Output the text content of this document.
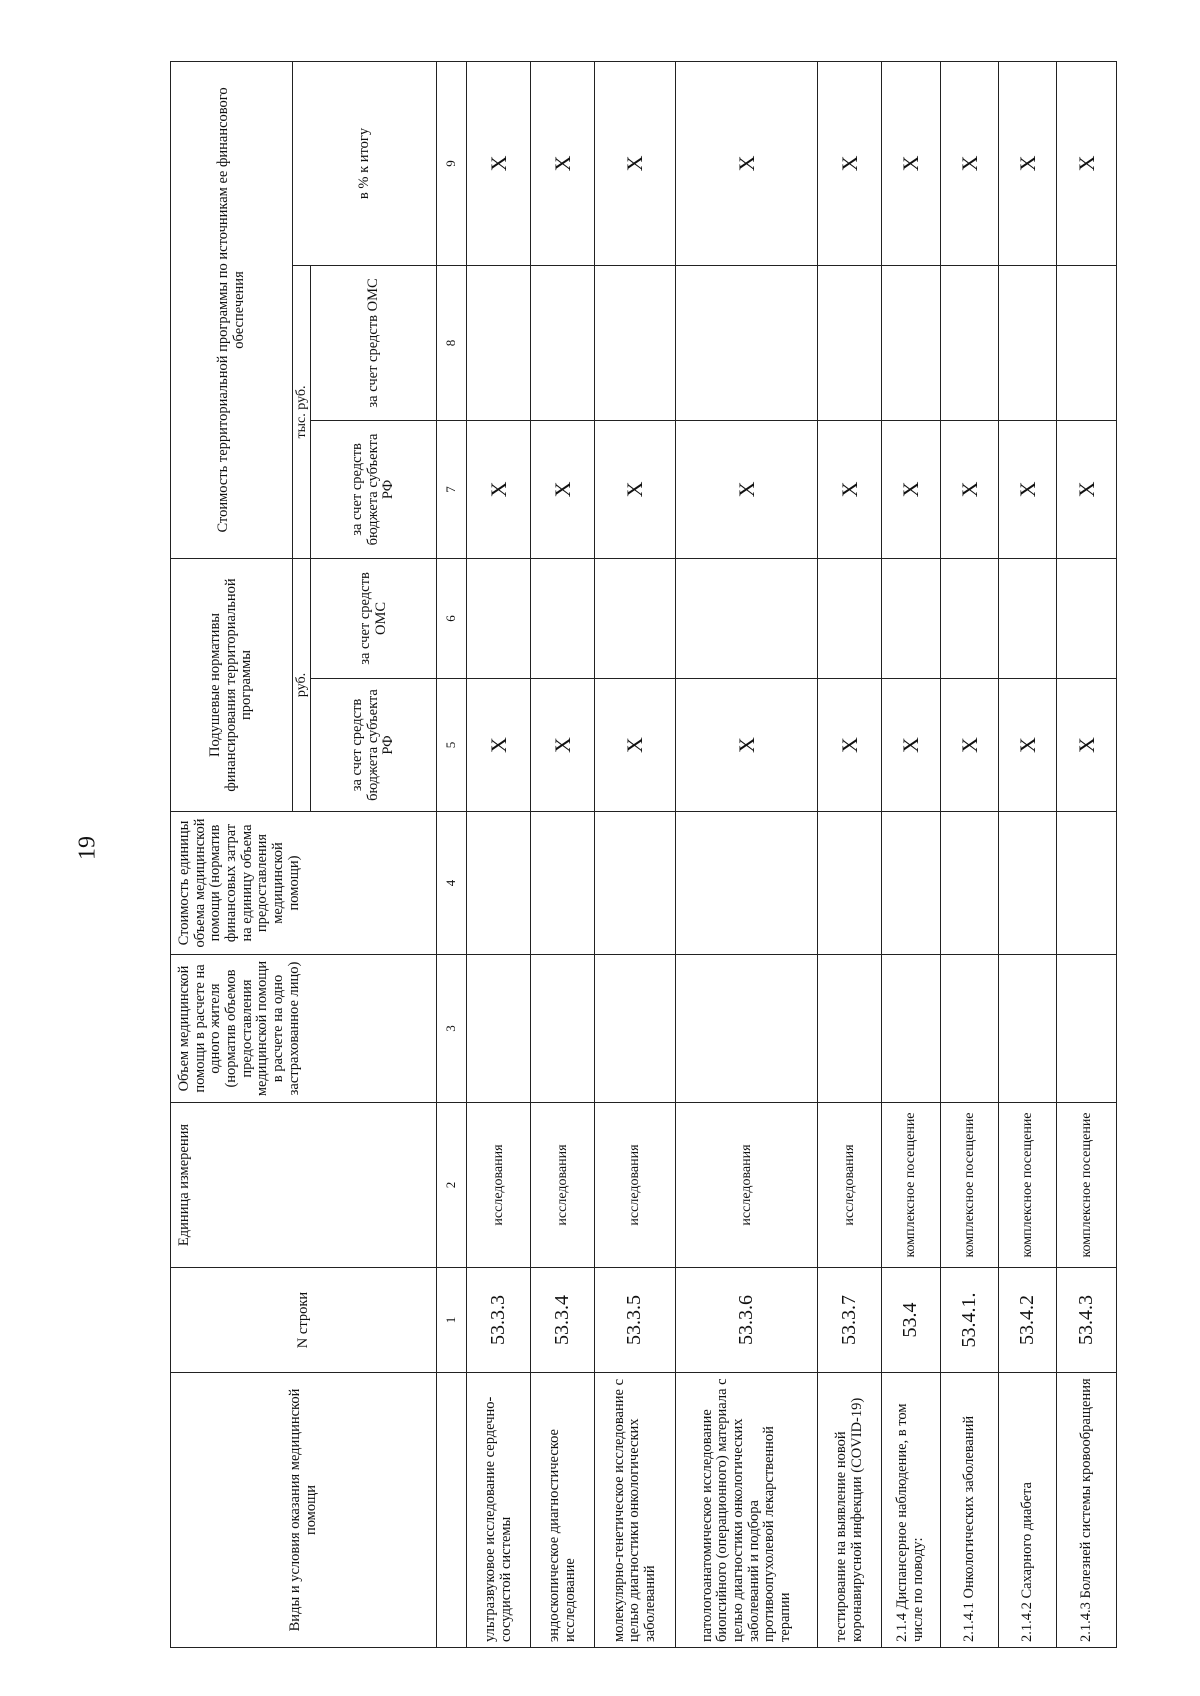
19
Виды и условия оказания медицинской помощи	N строки	Единица измерения	Объем медицинской помощи в расчете на одного жителя (норматив объемов предоставления медицинской помощи в расчете на одно застрахованное лицо)	Стоимость единицы объема медицинской помощи (норматив финансовых затрат на единицу объема предоставления медицинской помощи)	Подушевые нормативы финансирования территориальной программы		Стоимость территориальной программы по источникам ее финансового обеспечения		
					руб.		тыс. руб.		в % к итогу
					за счет средств бюджета субъекта РФ	за счет средств ОМС	за счет средств бюджета субъекта РФ	за счет средств ОМС	
	1	2	3	4	5	6	7	8	9
ультразвуковое исследование сердечно-сосудистой системы	53.3.3	исследования			X		X		X
эндоскопическое диагностическое исследование	53.3.4	исследования			X		X		X
молекулярно-генетическое исследование с целью диагностики онкологических заболеваний	53.3.5	исследования			X		X		X
патологоанатомическое исследование биопсийного (операционного) материала с целью диагностики онкологических заболеваний и подбора противоопухолевой лекарственной терапии	53.3.6	исследования			X		X		X
тестирование на выявление новой коронавирусной инфекции (COVID-19)	53.3.7	исследования			X		X		X
2.1.4 Диспансерное наблюдение, в том числе по поводу:	53.4	комплексное посещение			X		X		X
2.1.4.1 Онкологических заболеваний	53.4.1.	комплексное посещение			X		X		X
2.1.4.2 Сахарного диабета	53.4.2	комплексное посещение			X		X		X
2.1.4.3 Болезней системы кровообращения	53.4.3	комплексное посещение			X		X		X
